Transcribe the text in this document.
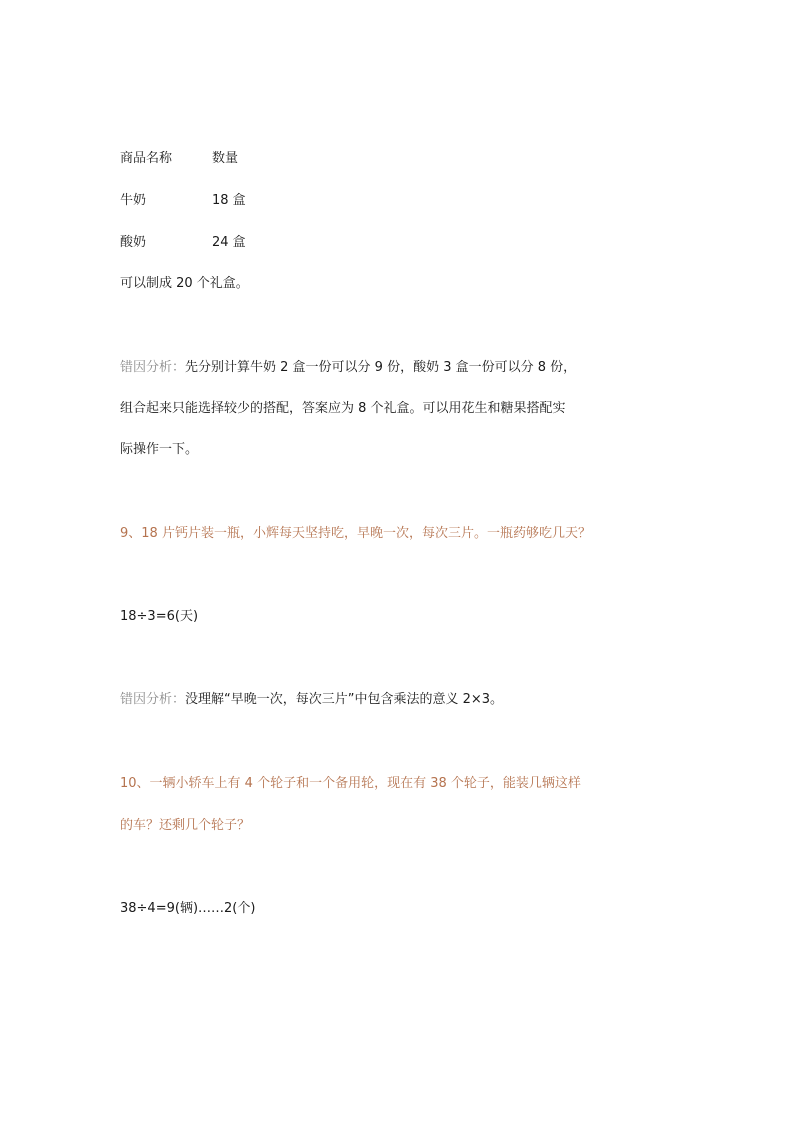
商品名称	数量
牛奶	18 盒
酸奶	24 盒
可以制成 20 个礼盒。
错因分析：先分别计算牛奶 2 盒一份可以分 9 份，酸奶 3 盒一份可以分 8 份，
组合起来只能选择较少的搭配，答案应为 8 个礼盒。可以用花生和糖果搭配实
际操作一下。
9、18 片钙片装一瓶，小辉每天坚持吃，早晚一次，每次三片。一瓶药够吃几天？
18÷3=6(天)
错因分析：没理解“早晚一次，每次三片”中包含乘法的意义 2×3。
10、一辆小轿车上有 4 个轮子和一个备用轮，现在有 38 个轮子，能装几辆这样
的车？还剩几个轮子？
38÷4=9(辆)……2(个)
